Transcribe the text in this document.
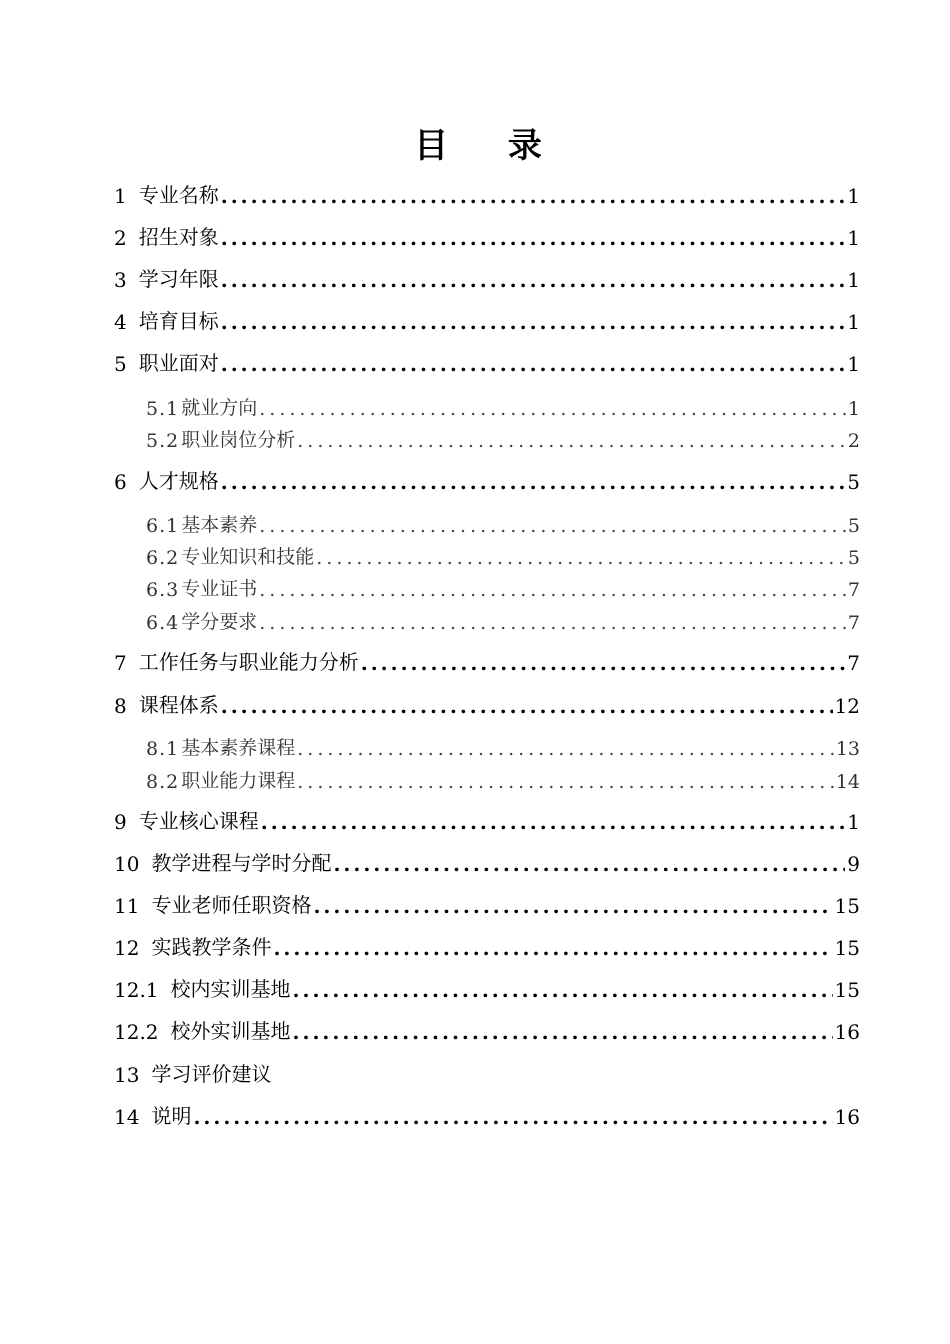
目 录
1 专业名称 .....	1
2 招生对象 .....	1
3 学习年限 .....	1
4 培育目标 .....	1
5 职业面对 .....	1
5.1 就业方向 .....	1
5.2 职业岗位分析 .....	2
6 人才规格 .....	5
6.1 基本素养 .....	5
6.2 专业知识和技能 .....	5
6.3 专业证书 .....	7
6.4 学分要求 .....	7
7 工作任务与职业能力分析 .....	7
8 课程体系 .....	12
8.1 基本素养课程 .....	13
8.2 职业能力课程 .....	14
9 专业核心课程 .....	1
10 教学进程与学时分配 .....	9
11 专业老师任职资格 .....	15
12 实践教学条件 .....	15
12.1 校内实训基地 .....	15
12.2 校外实训基地 .....	16
13 学习评价建议
14 说明 .....	16
